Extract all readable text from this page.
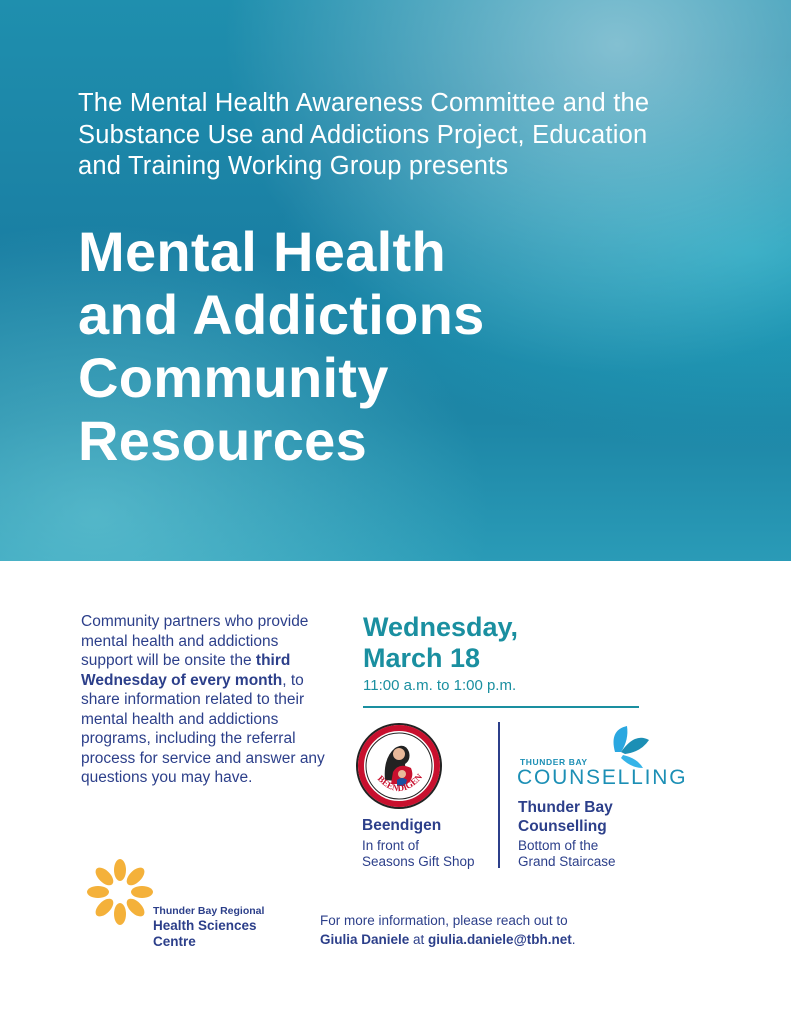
The Mental Health Awareness Committee and the Substance Use and Addictions Project, Education and Training Working Group presents
Mental Health
and Addictions
Community
Resources
Community partners who provide mental health and addictions support will be onsite the third Wednesday of every month, to share information related to their mental health and addictions programs, including the referral process for service and answer any questions you may have.
Wednesday,
March 18
11:00 a.m. to 1:00 p.m.
BEENDIGEN
Beendigen
In front of
Seasons Gift Shop
THUNDER BAY
COUNSELLING
Thunder Bay
Counselling
Bottom of the
Grand Staircase
Thunder Bay Regional
Health Sciences
Centre
For more information, please reach out to
Giulia Daniele at giulia.daniele@tbh.net.
